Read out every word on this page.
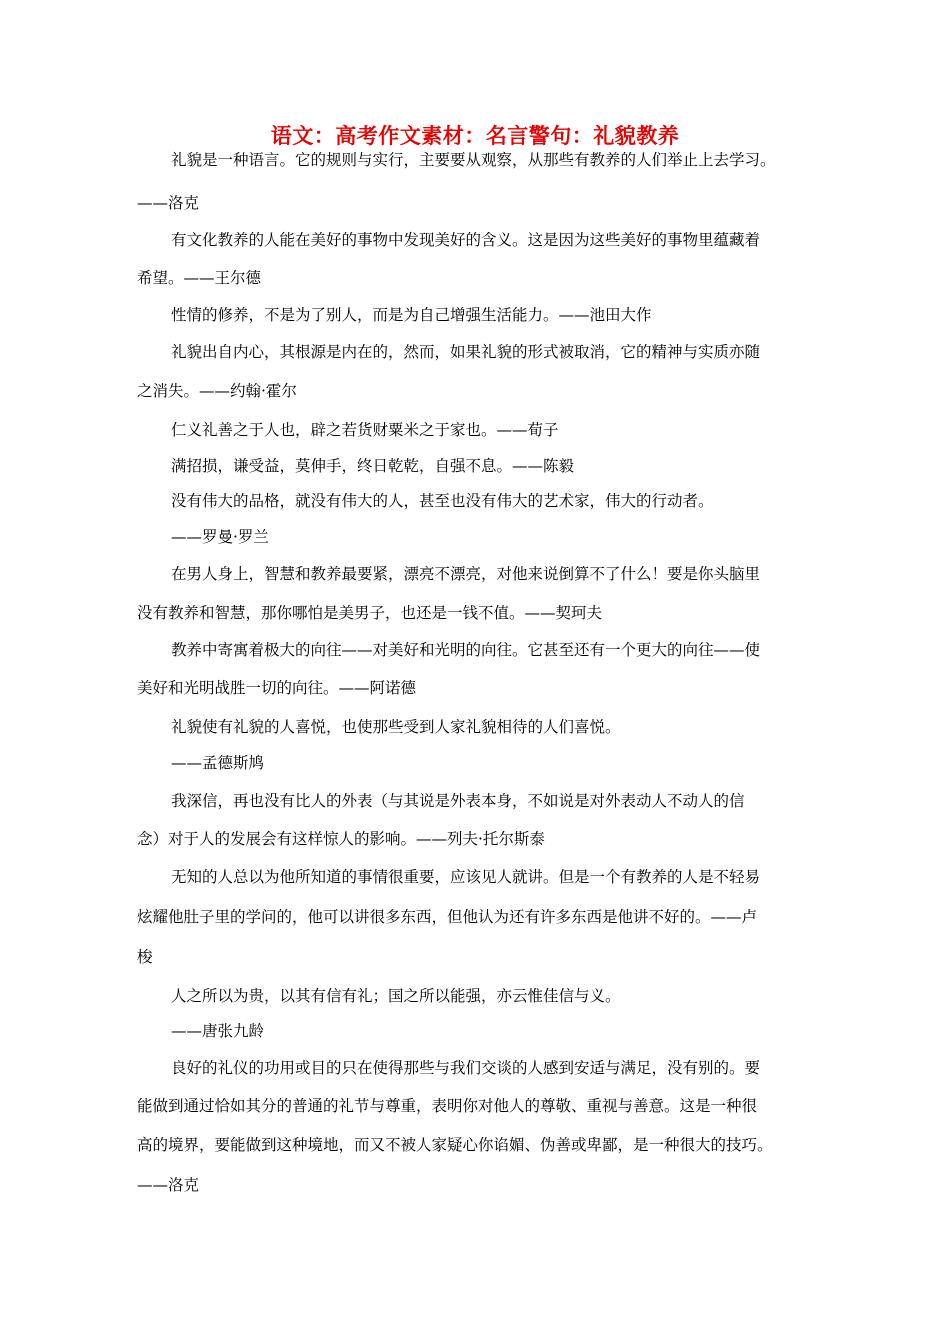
语文：高考作文素材：名言警句：礼貌教养
礼貌是一种语言。它的规则与实行，主要要从观察，从那些有教养的人们举止上去学习。
——洛克
有文化教养的人能在美好的事物中发现美好的含义。这是因为这些美好的事物里蕴藏着
希望。——王尔德
性情的修养，不是为了别人，而是为自己增强生活能力。——池田大作
礼貌出自内心，其根源是内在的，然而，如果礼貌的形式被取消，它的精神与实质亦随
之消失。——约翰·霍尔
仁义礼善之于人也，辟之若货财粟米之于家也。——荀子
满招损，谦受益，莫伸手，终日乾乾，自强不息。——陈毅
没有伟大的品格，就没有伟大的人，甚至也没有伟大的艺术家，伟大的行动者。
——罗曼·罗兰
在男人身上，智慧和教养最要紧，漂亮不漂亮，对他来说倒算不了什么！要是你头脑里
没有教养和智慧，那你哪怕是美男子，也还是一钱不值。——契珂夫
教养中寄寓着极大的向往——对美好和光明的向往。它甚至还有一个更大的向往——使
美好和光明战胜一切的向往。——阿诺德
礼貌使有礼貌的人喜悦，也使那些受到人家礼貌相待的人们喜悦。
——孟德斯鸠
我深信，再也没有比人的外表（与其说是外表本身，不如说是对外表动人不动人的信
念）对于人的发展会有这样惊人的影响。——列夫·托尔斯泰
无知的人总以为他所知道的事情很重要，应该见人就讲。但是一个有教养的人是不轻易
炫耀他肚子里的学问的，他可以讲很多东西，但他认为还有许多东西是他讲不好的。——卢
梭
人之所以为贵，以其有信有礼；国之所以能强，亦云惟佳信与义。
——唐张九龄
良好的礼仪的功用或目的只在使得那些与我们交谈的人感到安适与满足，没有别的。要
能做到通过恰如其分的普通的礼节与尊重，表明你对他人的尊敬、重视与善意。这是一种很
高的境界，要能做到这种境地，而又不被人家疑心你谄媚、伪善或卑鄙，是一种很大的技巧。
——洛克
